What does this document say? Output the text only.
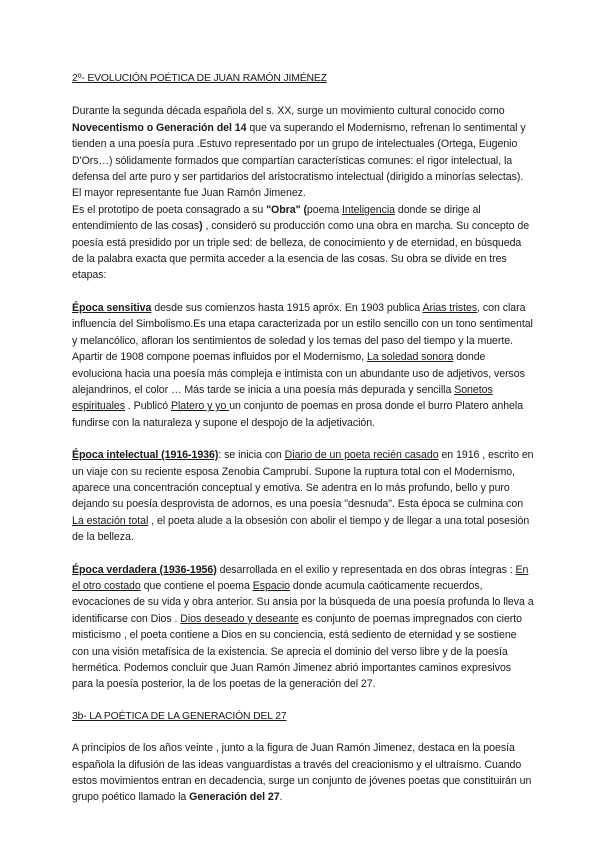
2º- EVOLUCIÓN POÉTICA DE JUAN RAMÓN JIMÉNEZ

Durante la segunda década española del s. XX, surge un movimiento cultural conocido como Novecentismo o Generación del 14 que va superando el Modernismo, refrenan lo sentimental y tienden a una poesía pura .Estuvo representado por un grupo de intelectuales (Ortega, Eugenio D'Ors…) sólidamente formados que compartían características comunes: el rigor intelectual, la defensa del arte puro y ser partidarios del aristocratismo intelectual (dirigido a minorías selectas). El mayor representante fue Juan Ramón Jimenez.
Es el prototipo de poeta consagrado a su "Obra" (poema Inteligencia donde se dirige al entendimiento de las cosas) , consideró su producción como una obra en marcha. Su concepto de poesía está presidido por un triple sed: de belleza, de conocimiento y de eternidad, en búsqueda de la palabra exacta que permita acceder a la esencia de las cosas. Su obra se divide en tres etapas:

Época sensitiva desde sus comienzos hasta 1915 apróx. En 1903 publica Arias tristes, con clara influencia del Simbolismo.Es una etapa caracterizada por un estilo sencillo con un tono sentimental y melancólico, afloran los sentimientos de soledad y los temas del paso del tiempo y la muerte. Apartir de 1908 compone poemas influidos por el Modernismo, La soledad sonora donde evoluciona hacia una poesía más compleja e intimista con un abundante uso de adjetivos, versos alejandrinos, el color … Más tarde se inicia a una poesía más depurada y sencilla Sonetos espirituales . Publicó Platero y yo un conjunto de poemas en prosa donde el burro Platero anhela fundirse con la naturaleza y supone el despojo de la adjetivación.

Época intelectual (1916-1936): se inicia con Diario de un poeta recién casado en 1916 , escrito en un viaje con su reciente esposa Zenobia Camprubí. Supone la ruptura total con el Modernismo, aparece una concentración conceptual y emotiva. Se adentra en lo más profundo, bello y puro dejando su poesía desprovista de adornos, es una poesía "desnuda". Esta época se culmina con La estación total , el poeta alude a la obsesión con abolir el tiempo y de llegar a una total posesión de la belleza.

Época verdadera (1936-1956) desarrollada en el exilio y representada en dos obras íntegras : En el otro costado que contiene el poema Espacio donde acumula caóticamente recuerdos, evocaciones de su vida y obra anterior. Su ansia por la búsqueda de una poesía profunda lo lleva a identificarse con Dios . Dios deseado y deseante es conjunto de poemas impregnados con cierto misticismo , el poeta contiene a Dios en su conciencia, está sediento de eternidad y se sostiene con una visión metafísica de la existencia. Se aprecia el dominio del verso libre y de la poesía hermética. Podemos concluir que Juan Ramón Jimenez abrió importantes caminos expresivos para la poesía posterior, la de los poetas de la generación del 27.

3b- LA POÉTICA DE LA GENERACIÓN DEL 27

A principios de los años veinte , junto a la figura de Juan Ramón Jimenez, destaca en la poesía española la difusión de las ideas vanguardistas a través del creacionismo y el ultraísmo. Cuando estos movimientos entran en decadencia, surge un conjunto de jóvenes poetas que constituirán un grupo poético llamado la Generación del 27.
